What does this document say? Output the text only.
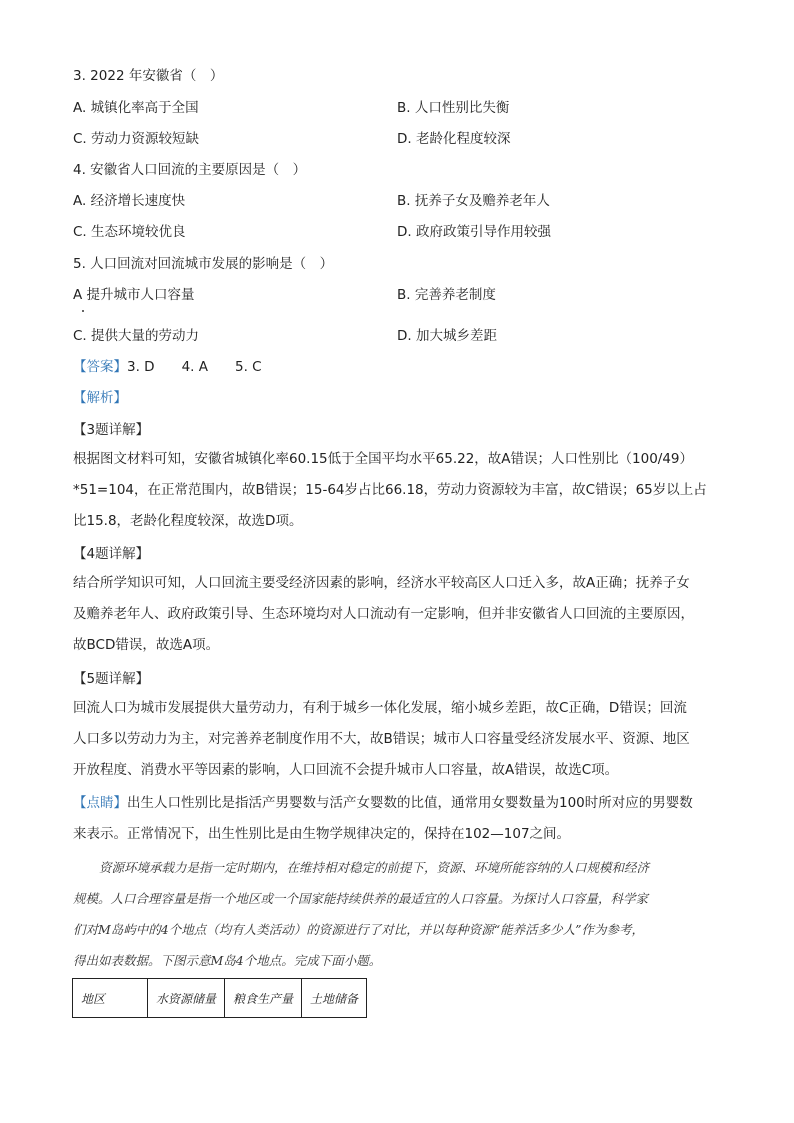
3. 2022 年安徽省（　）
A. 城镇化率高于全国	B. 人口性别比失衡
C. 劳动力资源较短缺	D. 老龄化程度较深
4. 安徽省人口回流的主要原因是（　）
A. 经济增长速度快	B. 抚养子女及赡养老年人
C. 生态环境较优良	D. 政府政策引导作用较强
5. 人口回流对回流城市发展的影响是（　）
A 提升城市人口容量	B. 完善养老制度
C. 提供大量的劳动力	D. 加大城乡差距
【答案】3. D　　4. A　　5. C
【解析】
【3题详解】
根据图文材料可知，安徽省城镇化率60.15低于全国平均水平65.22，故A错误；人口性别比（100/49）
*51=104，在正常范围内，故B错误；15-64岁占比66.18，劳动力资源较为丰富，故C错误；65岁以上占
比15.8，老龄化程度较深，故选D项。
【4题详解】
结合所学知识可知，人口回流主要受经济因素的影响，经济水平较高区人口迁入多，故A正确；抚养子女
及赡养老年人、政府政策引导、生态环境均对人口流动有一定影响，但并非安徽省人口回流的主要原因，
故BCD错误，故选A项。
【5题详解】
回流人口为城市发展提供大量劳动力，有利于城乡一体化发展，缩小城乡差距，故C正确，D错误；回流
人口多以劳动力为主，对完善养老制度作用不大，故B错误；城市人口容量受经济发展水平、资源、地区
开放程度、消费水平等因素的影响，人口回流不会提升城市人口容量，故A错误，故选C项。
【点睛】出生人口性别比是指活产男婴数与活产女婴数的比值，通常用女婴数量为100时所对应的男婴数
来表示。正常情况下，出生性别比是由生物学规律决定的，保持在102—107之间。
资源环境承载力是指一定时期内，在维持相对稳定的前提下，资源、环境所能容纳的人口规模和经济
规模。人口合理容量是指一个地区或一个国家能持续供养的最适宜的人口容量。为探讨人口容量，科学家
们对M岛屿中的4个地点（均有人类活动）的资源进行了对比，并以每种资源“能养活多少人”作为参考，
得出如表数据。下图示意M岛4个地点。完成下面小题。
地区	水资源储量	粮食生产量	土地储备
